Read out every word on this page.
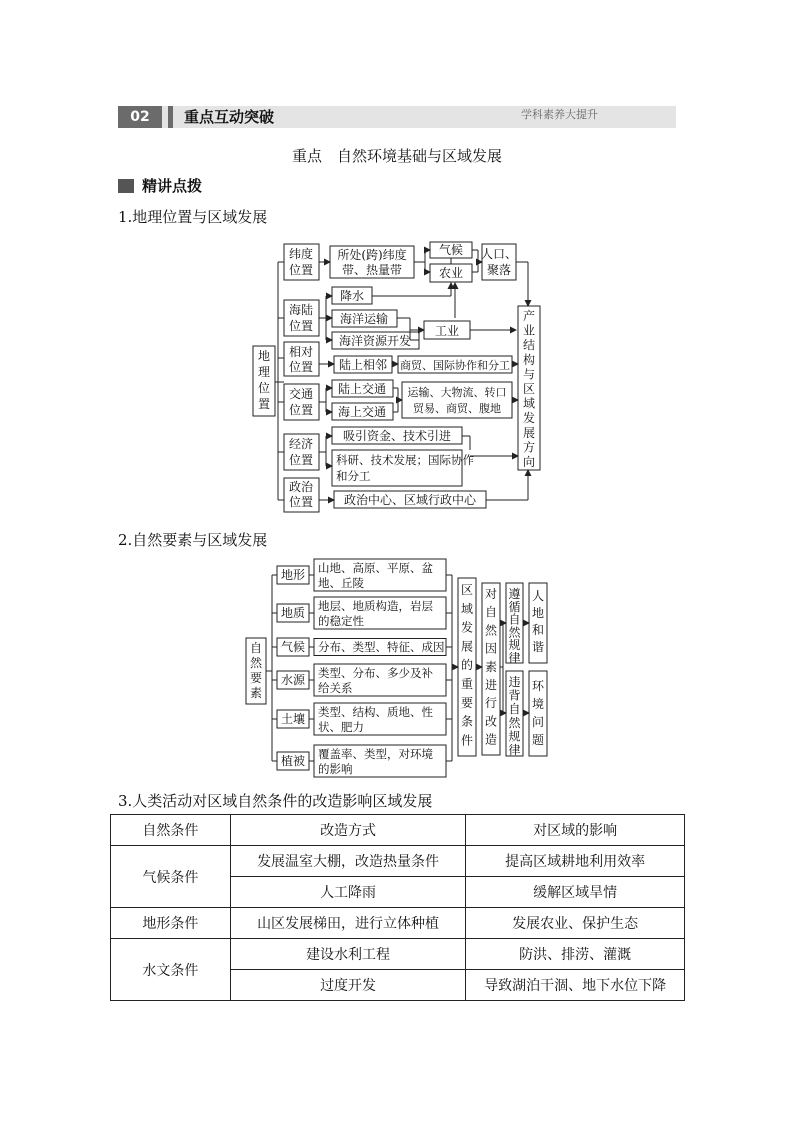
02	重点互动突破	学科素养大提升
重点　自然环境基础与区域发展
精讲点拨
1.地理位置与区域发展
地理位置
纬度位置
所处(跨)纬度带、热量带
气候
农业
人口、聚落
海陆位置
降水
海洋运输
海洋资源开发
工业
相对位置 陆上相邻 商贸、国际协作和分工
交通位置
陆上交通
海上交通
运输、大物流、转口贸易、商贸、腹地
经济位置
吸引资金、技术引进
科研、技术发展；国际协作和分工
政治位置	政治中心、区域行政中心
产业结构与区域发展方向
2.自然要素与区域发展
自然要素
地形 山地、高原、平原、盆地、丘陵
地质 地层、地质构造，岩层的稳定性
气候 分布、类型、特征、成因
水源 类型、分布、多少及补给关系
土壤 类型、结构、质地、性状、肥力
植被 覆盖率、类型，对环境的影响
区域发展的重要条件
对自然因素进行改造
遵循自然规律
违背自然规律
人地和谐
环境问题
3.人类活动对区域自然条件的改造影响区域发展
自然条件	改造方式	对区域的影响
气候条件	发展温室大棚，改造热量条件	提高区域耕地利用效率
	人工降雨	缓解区域旱情
地形条件	山区发展梯田，进行立体种植	发展农业、保护生态
水文条件	建设水利工程	防洪、排涝、灌溉
	过度开发	导致湖泊干涸、地下水位下降
